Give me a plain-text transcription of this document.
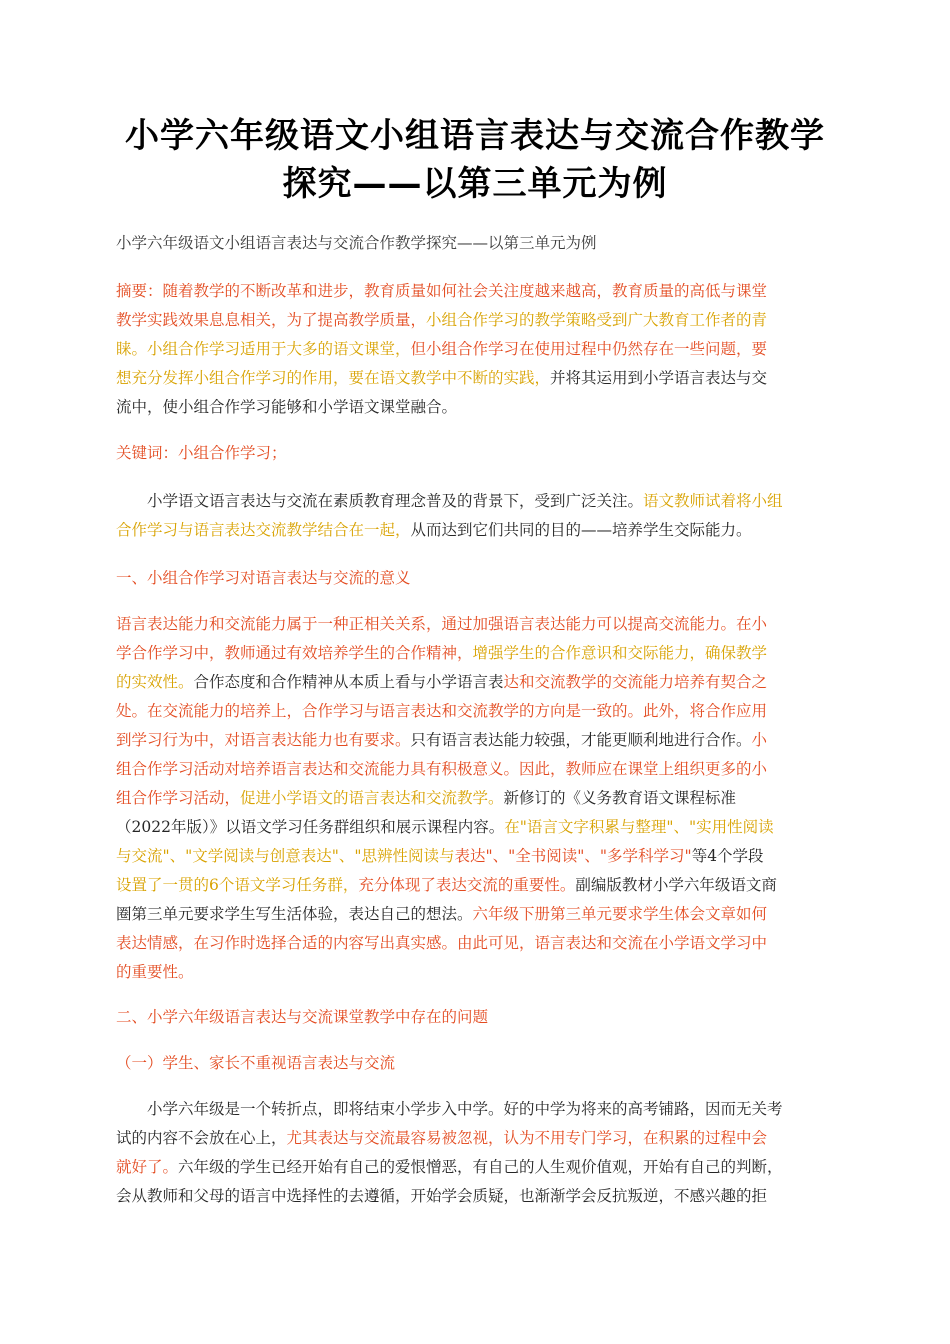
小学六年级语文小组语言表达与交流合作教学
探究——以第三单元为例
小学六年级语文小组语言表达与交流合作教学探究——以第三单元为例
摘要：随着教学的不断改革和进步，教育质量如何社会关注度越来越高，教育质量的高低与课堂
教学实践效果息息相关，为了提高教学质量，小组合作学习的教学策略受到广大教育工作者的青
睐。小组合作学习适用于大多的语文课堂，但小组合作学习在使用过程中仍然存在一些问题，要
想充分发挥小组合作学习的作用，要在语文教学中不断的实践，并将其运用到小学语言表达与交
流中，使小组合作学习能够和小学语文课堂融合。
关键词：小组合作学习；
　　小学语文语言表达与交流在素质教育理念普及的背景下，受到广泛关注。语文教师试着将小组
合作学习与语言表达交流教学结合在一起，从而达到它们共同的目的——培养学生交际能力。
一、小组合作学习对语言表达与交流的意义
语言表达能力和交流能力属于一种正相关关系，通过加强语言表达能力可以提高交流能力。在小
学合作学习中，教师通过有效培养学生的合作精神，增强学生的合作意识和交际能力，确保教学
的实效性。合作态度和合作精神从本质上看与小学语言表达和交流教学的交流能力培养有契合之
处。在交流能力的培养上，合作学习与语言表达和交流教学的方向是一致的。此外，将合作应用
到学习行为中，对语言表达能力也有要求。只有语言表达能力较强，才能更顺利地进行合作。小
组合作学习活动对培养语言表达和交流能力具有积极意义。因此，教师应在课堂上组织更多的小
组合作学习活动，促进小学语文的语言表达和交流教学。新修订的《义务教育语文课程标准
（2022年版）》以语文学习任务群组织和展示课程内容。在"语言文字积累与整理"、"实用性阅读
与交流"、"文学阅读与创意表达"、"思辨性阅读与表达"、"全书阅读"、"多学科学习"等4个学段
设置了一贯的6个语文学习任务群，充分体现了表达交流的重要性。副编版教材小学六年级语文商
圈第三单元要求学生写生活体验，表达自己的想法。六年级下册第三单元要求学生体会文章如何
表达情感，在习作时选择合适的内容写出真实感。由此可见，语言表达和交流在小学语文学习中
的重要性。
二、小学六年级语言表达与交流课堂教学中存在的问题
（一）学生、家长不重视语言表达与交流
　　小学六年级是一个转折点，即将结束小学步入中学。好的中学为将来的高考铺路，因而无关考
试的内容不会放在心上，尤其表达与交流最容易被忽视，认为不用专门学习，在积累的过程中会
就好了。六年级的学生已经开始有自己的爱恨憎恶，有自己的人生观价值观，开始有自己的判断，
会从教师和父母的语言中选择性的去遵循，开始学会质疑，也渐渐学会反抗叛逆，不感兴趣的拒
